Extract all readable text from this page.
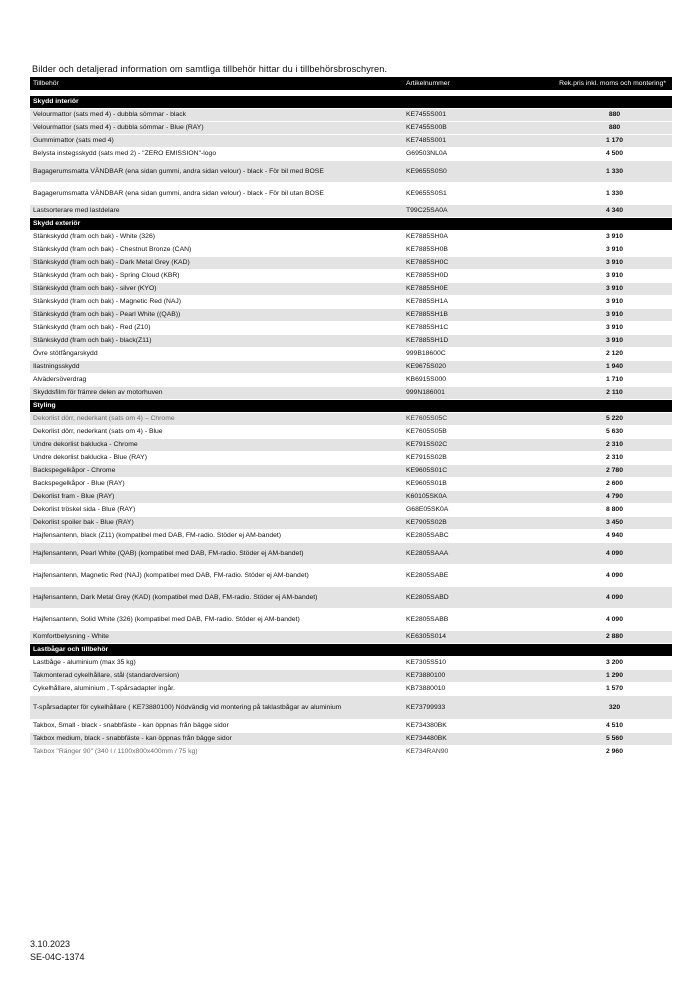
Bilder och detaljerad information om samtliga tillbehör hittar du i tillbehörsbroschyren.
Tillbehör	Artikelnummer	Rek.pris inkl. moms och montering*
Skydd interiör
Velourmattor (sats med 4) - dubbla sömmar - black	KE7455S001	880
Velourmattor (sats med 4) - dubbla sömmar - Blue (RAY)	KE7455S00B	880
Gummimattor (sats med 4)	KE7485S001	1 170
Belysta instegsskydd (sats med 2) - "ZERO EMISSION"-logo	G69503NL0A	4 500
Bagagerumsmatta VÄNDBAR (ena sidan gummi, andra sidan velour) - black - För bil med BOSE	KE9655S0S0	1 330
Bagagerumsmatta VÄNDBAR (ena sidan gummi, andra sidan velour) - black - För bil utan BOSE	KE9655S0S1	1 330
Lastsorterare med lastdelare	T99C25SA0A	4 340
Skydd exteriör
Stänkskydd (fram och bak) - White (326)	KE7885SH0A	3 910
Stänkskydd (fram och bak) - Chestnut Bronze (CAN)	KE7885SH0B	3 910
Stänkskydd (fram och bak) - Dark Metal Grey (KAD)	KE7885SH0C	3 910
Stänkskydd (fram och bak) - Spring Cloud (KBR)	KE7885SH0D	3 910
Stänkskydd (fram och bak) - silver (KYO)	KE7885SH0E	3 910
Stänkskydd (fram och bak) - Magnetic Red (NAJ)	KE7885SH1A	3 910
Stänkskydd (fram och bak) - Pearl White ((QAB))	KE7885SH1B	3 910
Stänkskydd (fram och bak) - Red (Z10)	KE7885SH1C	3 910
Stänkskydd (fram och bak) - black(Z11)	KE7885SH1D	3 910
Övre stötfångarskydd	999B18600C	2 120
Ilastningsskydd	KE9675S020	1 940
Alvädersöverdrag	KB6915S000	1 710
Skyddsfilm för främre delen av motorhuven	999N186001	2 110
Styling
Dekorlist dörr, nederkant (sats om 4) – Chrome	KE7605S05C	5 220
Dekorlist dörr, nederkant (sats om 4) - Blue	KE7605S05B	5 630
Undre dekorlist baklucka - Chrome	KE7915S02C	2 310
Undre dekorlist baklucka - Blue (RAY)	KE7915S02B	2 310
Backspegelkåpor - Chrome	KE9605S01C	2 780
Backspegelkåpor - Blue (RAY)	KE9605S01B	2 600
Dekorlist fram - Blue (RAY)	K60105SK0A	4 790
Dekorlist tröskel sida - Blue (RAY)	G68E05SK0A	8 800
Dekorlist spoiler bak - Blue (RAY)	KE7905S02B	3 450
Hajfensantenn, black (Z11) (kompatibel med DAB, FM-radio. Stöder ej AM-bandet)	KE2805SABC	4 940
Hajfensantenn, Pearl White (QAB) (kompatibel med DAB, FM-radio. Stöder ej AM-bandet)	KE2805SAAA	4 090
Hajfensantenn, Magnetic Red (NAJ) (kompatibel med DAB, FM-radio. Stöder ej AM-bandet)	KE2805SABE	4 090
Hajfensantenn, Dark Metal Grey (KAD) (kompatibel med DAB, FM-radio. Stöder ej AM-bandet)	KE2805SABD	4 090
Hajfensantenn, Solid White (326) (kompatibel med DAB, FM-radio. Stöder ej AM-bandet)	KE2805SABB	4 090
Komfortbelysning - White	KE6305S014	2 880
Lastbågar och tillbehör
Lastbåge - aluminium (max 35 kg)	KE7305S510	3 200
Takmonterad cykelhållare, stål (standardversion)	KE73880100	1 290
Cykelhållare, aluminium , T-spårsadapter ingår.	KB73880010	1 570
T-spårsadapter för cykelhållare ( KE73880100) Nödvändig vid montering på taklastbågar av aluminium	KE73799933	320
Takbox, Small - black - snabbfäste - kan öppnas från bägge sidor	KE734380BK	4 510
Takbox medium, black - snabbfäste - kan öppnas från bägge sidor	KE734480BK	5 560
Takbox "Ränger 90" (340 l / 1100x800x400mm / 75 kg)	KE734RAN90	2 960
3.10.2023
SE-04C-1374
